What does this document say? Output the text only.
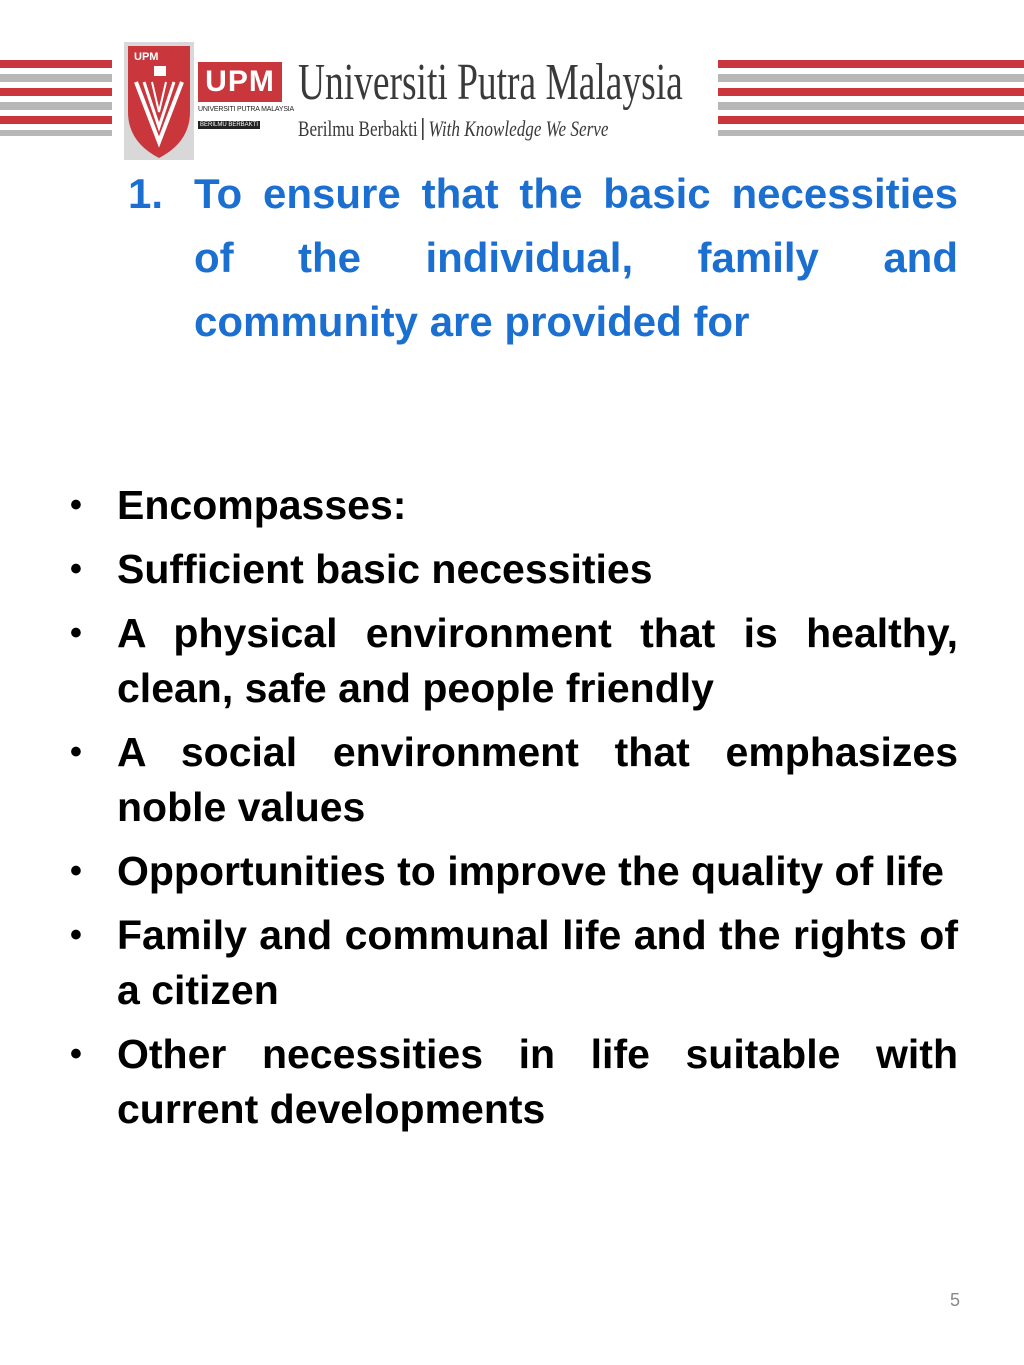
UPM
UPM
UNIVERSITI PUTRA MALAYSIA
BERILMU BERBAKTI
Universiti Putra Malaysia
Berilmu Berbakti With Knowledge We Serve
1. To ensure that the basic necessities of the individual, family and community are provided for
• Encompasses:
• Sufficient basic necessities
• A physical environment that is healthy, clean, safe and people friendly
• A social environment that emphasizes noble values
• Opportunities to improve the quality of life
• Family and communal life and the rights of a citizen
• Other necessities in life suitable with current developments
5
